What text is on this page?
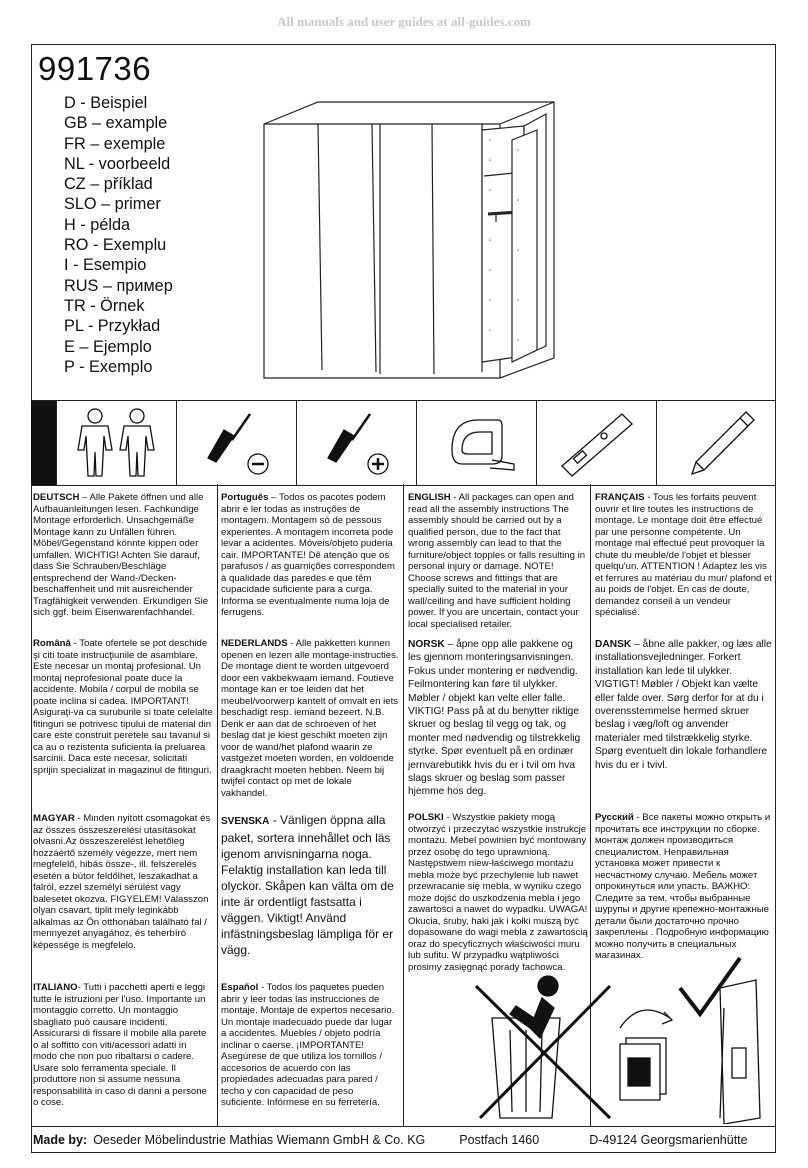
All manuals and user guides at all-guides.com
991736
D - Beispiel
GB – example
FR – exemple
NL - voorbeeld
CZ – příklad
SLO – primer
H - példa
RO - Exemplu
I - Esempio
RUS – пример
TR - Örnek
PL - Przykład
E – Ejemplo
P - Exemplo
DEUTSCH – Alle Pakete öffnen und alle Aufbauanleitungen lesen. Fachkundige Montage erforderlich. Unsachgemäße Montage kann zu Unfällen führen. Möbel/Gegenstand könnte kippen oder umfallen. WICHTIG! Achten Sie darauf, dass Sie Schrauben/Beschläge entsprechend der Wand-/Decken-beschaffenheit und mit ausreichender Tragfähigkeit verwenden. Erkundigen Sie sich ggf. beim Eisenwarenfachhandel.
Română - Toate ofertele se pot deschide şi citi toate instrucţiunile de asamblare. Este necesar un montaj profesional. Un montaj neprofesional poate duce la accidente. Mobila / corpul de mobila se poate inclina si cadea. IMPORTANT! Asiguraţi-va ca suruburile si toate celelalte fitinguri se potrivesc tipului de material din care este construit peretele sau tavanul si ca au o rezistenta suficienta la preluarea sarcinii. Daca este necesar, solicitati sprijin specializat in magazinul de fitinguri.
MAGYAR - Minden nyitott csomagokat és az összes összeszerelési utasításokat olvasni.Az összeszerelést lehetőleg hozzáértő személy végezze, mert nem megfelelő, hibás össze-, ill. felszerelés esetén a bútor feldőlhet, leszakadhat a falról, ezzel személyi sérülést vagy balesetet okozva. FIGYELEM! Válasszon olyan csavart, tiplit mely leginkább alkalmas az Ön otthonában található fal / mennyezet anyagához, és teherbíró képessége is megfelelo.
ITALIANO- Tutti i pacchetti aperti e leggi tutte le istruzioni per l'uso. Importante un montaggio corretto. Un montaggio sbagliato può causare incidenti. Assicurarsi di fissare il mobile alla parete o al soffitto con viti/acessori adatti in modo che non puo ribaltarsi o cadere. Usare solo ferramenta speciale. Il produttore non si assume nessuna responsabilità in caso di danni a persone o cose.
Português – Todos os pacotes podem abrir e ler todas as instruções de montagem. Montagem só de pessous experientes. A montagem incorreta pode levar a acidentes. Móveis/objeto puderia cair. IMPORTANTE! Dê atenção que os parafusos / as guarnições correspondem à qualidade das paredes e que têm cupacidade suficiente para a curga. Informa se eventualmente numa loja de ferrugens.
NEDERLANDS - Alle pakketten kunnen openen en lezen alle montage-instructies. De montage dient te worden uitgevoerd door een vakbekwaam iemand. Foutieve montage kan er toe leiden dat het meubel/voorwerp kantelt of omvalt en iets beschadigt resp. iemand bezeert. N.B. Denk er aan dat de schroeven of het beslag dat je kiest geschikt moeten zijn voor de wand/het plafond waarin ze vastgezet moeten worden, en voldoende draagkracht moeten hebben. Neem bij twijfel contact op met de lokale vakhandel.
SVENSKA - Vänligen öppna alla paket, sortera innehållet och läs igenom anvisningarna noga. Felaktig installation kan leda till olyckor. Skåpen kan välta om de inte är ordentligt fastsatta i väggen. Viktigt! Använd infästningsbeslag lämpliga för er vägg.
Español - Todos los paquetes pueden abrir y leer todas las instrucciones de montaje. Montaje de expertos necesario. Un montaje inadecuado puede dar lugar a accidentes. Muebles / objeto podría inclinar o caerse. ¡IMPORTANTE! Asegúrese de que utiliza los tornillos / accesorios de acuerdo con las propiedades adecuadas para pared / techo y con capacidad de peso suficiente. Infórmese en su ferretería.
ENGLISH - All packages can open and read all the assembly instructions The assembly should be carried out by a qualified person, due to the fact that wrong assembly can lead to that the furniture/object topples or falls resulting in personal injury or damage. NOTE! Choose screws and fittings that are specially suited to the material in your wall/ceiling and have sufficient holding power. If you are uncertain, contact your local specialised retailer.
NORSK – åpne opp alle pakkene og les gjennom monteringsanvisningen. Fokus under montering er nødvendig. Feilmontering kan føre til ulykker. Møbler / objekt kan velte eller falle. VIKTIG! Pass på at du benytter riktige skruer og beslag til vegg og tak, og monter med nødvendig og tilstrekkelig styrke. Spør eventuelt på en ordinær jernvarebutikk hvis du er i tvil om hva slags skruer og beslag som passer hjemme hos deg.
POLSKI - Wszystkie pakiety mogą otworzyć i przeczytać wszystkie instrukcje montażu. Mebel powinien być montowany przez osobę do tego uprawnioną. Następstwem niew-łaściwego montażu mebla może być przechylenie lub nawet przewracanie się mebla, w wyniku czego może dojść do uszkodzenia mebla i jego zawartości a nawet do wypadku. UWAGA! Okucia, śruby, haki jak i kołki muszą być dopasowane do wagi mebla z zawartością oraz do specyficznych właściwości muru lub sufitu. W przypadku wątpliwości prosimy zasięgnąć porady fachowca.
FRANÇAIS - Tous les forfaits peuvent ouvrir et lire toutes les instructions de montage. Le montage doit être effectué par une personne compétente. Un montage mal effectué peut provoquer la chute du meuble/de l'objet et blesser quelqu'un. ATTENTION ! Adaptez les vis et ferrures au matériau du mur/ plafond et au poids de l'objet. En cas de doute, demandez conseil à un vendeur spécialisé.
DANSK – åbne alle pakker, og læs alle installationsvejledninger. Forkert installation kan lede til ulykker. VIGTIGT! Møbler / Objekt kan vælte eller falde over. Sørg derfor for at du i overensstemmelse hermed skruer beslag i væg/loft og anvender materialer med tilstrækkelig styrke. Spørg eventuelt din lokale forhandlere hvis du er i tvivl.
Русский - Все пакеты можно открыть и прочитать все инструкции по сборке. монтаж должен производиться специалистом. Неправильная установка может привести к несчастному случаю. Мебель может опрокинуться или упасть. ВАЖНО: Следите за тем, чтобы выбранные шурупы и другие крепежно-монтажные детали были достаточно прочно закреплены . Подробную информацию можно получить в специальных магазинах.
Made by: Oeseder Möbelindustrie Mathias Wiemann GmbH & Co. KG	Postfach 1460	D-49124 Georgsmarienhütte
